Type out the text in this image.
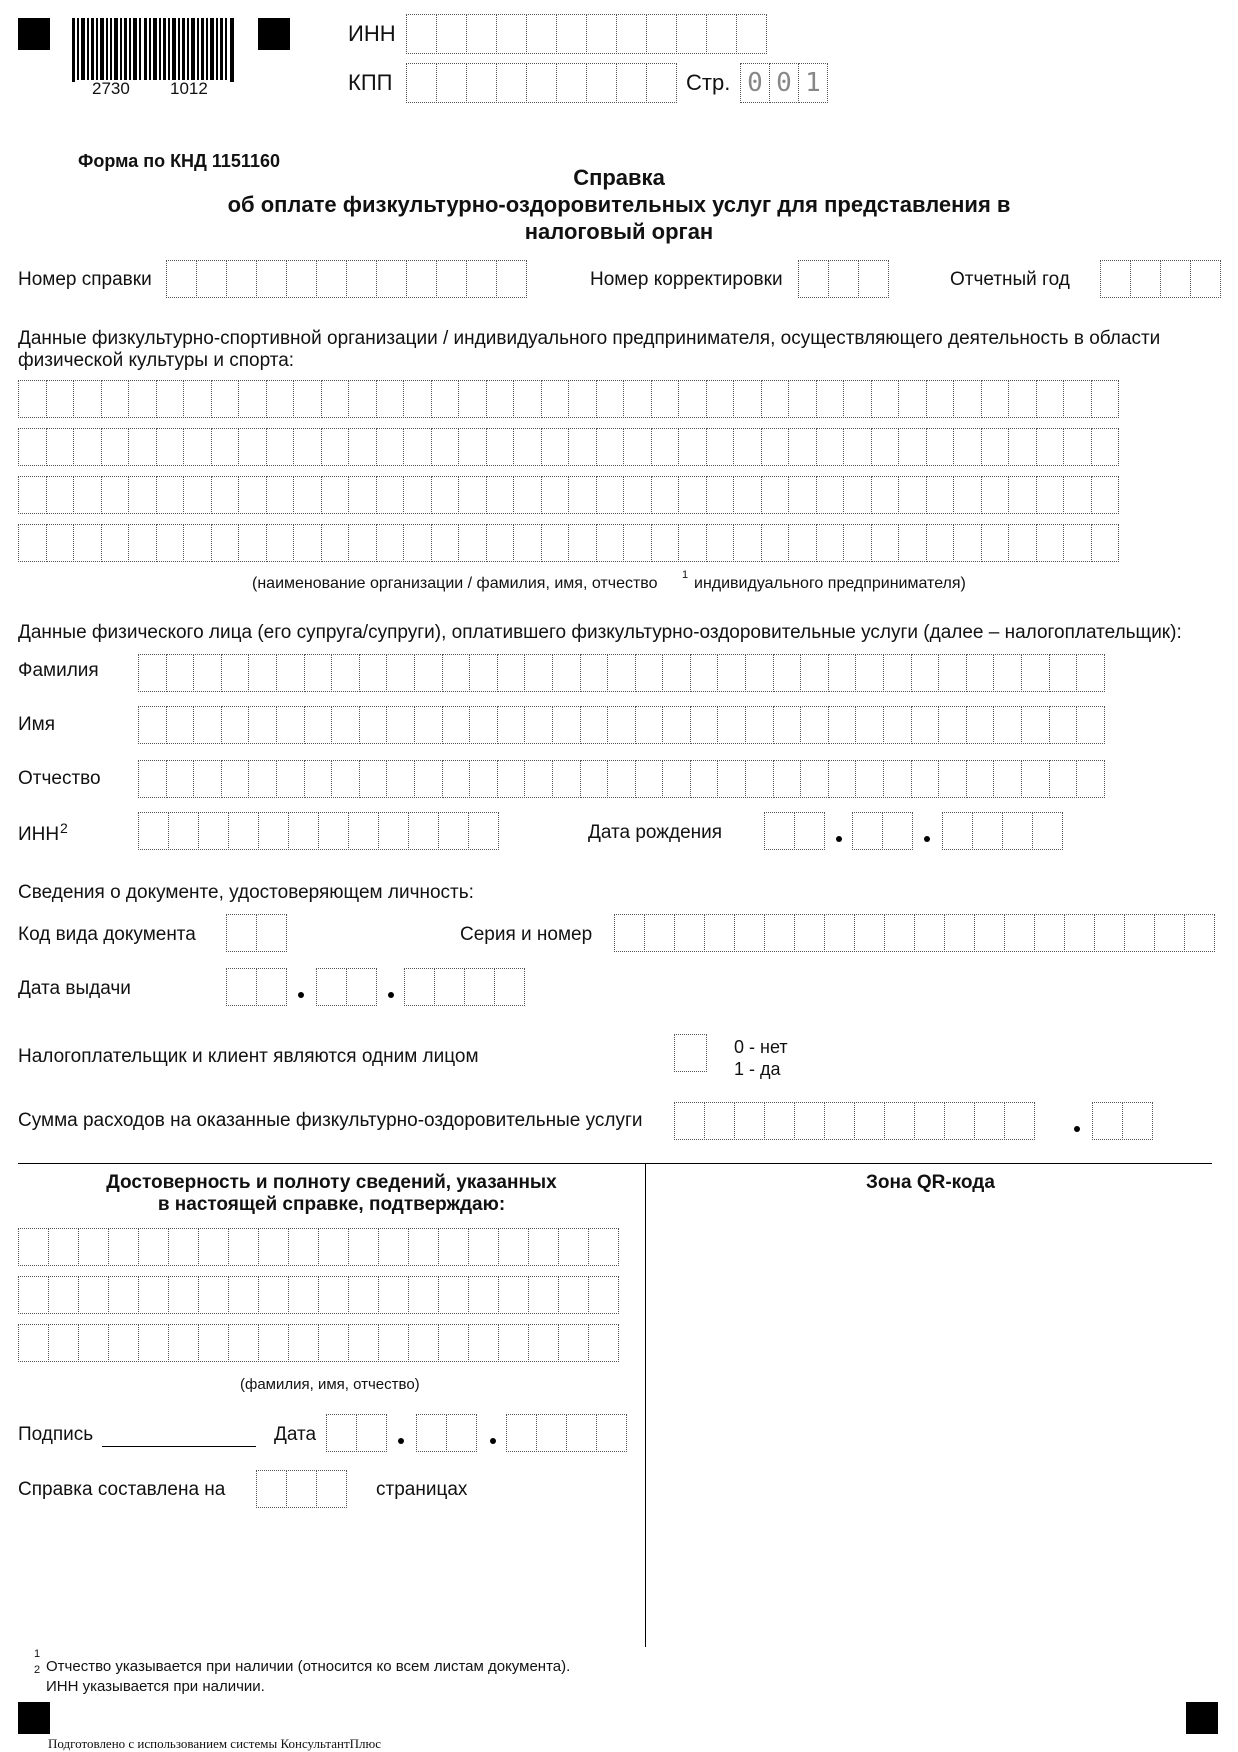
2730 1012
ИНН
КПП	Стр. 0 0 1
Форма по КНД 1151160
Справка
об оплате физкультурно-оздоровительных услуг для представления в
налоговый орган
Номер справки	Номер корректировки	Отчетный год
Данные физкультурно-спортивной организации / индивидуального предпринимателя, осуществляющего деятельность в области
физической культуры и спорта:
(наименование организации / фамилия, имя, отчество 1 индивидуального предпринимателя)
Данные физического лица (его супруга/супруги), оплатившего физкультурно-оздоровительные услуги (далее – налогоплательщик):
Фамилия
Имя
Отчество
ИНН 2	Дата рождения
Сведения о документе, удостоверяющем личность:
Код вида документа	Серия и номер
Дата выдачи
Налогоплательщик и клиент являются одним лицом	0 - нет
1 - да
Сумма расходов на оказанные физкультурно-оздоровительные услуги
Достоверность и полноту сведений, указанных
в настоящей справке, подтверждаю:
(фамилия, имя, отчество)
Подпись	Дата
Справка составлена на	страницах
Зона QR-кода
1
Отчество указывается при наличии (относится ко всем листам документа).
2
ИНН указывается при наличии.
Подготовлено с использованием системы КонсультантПлюс
